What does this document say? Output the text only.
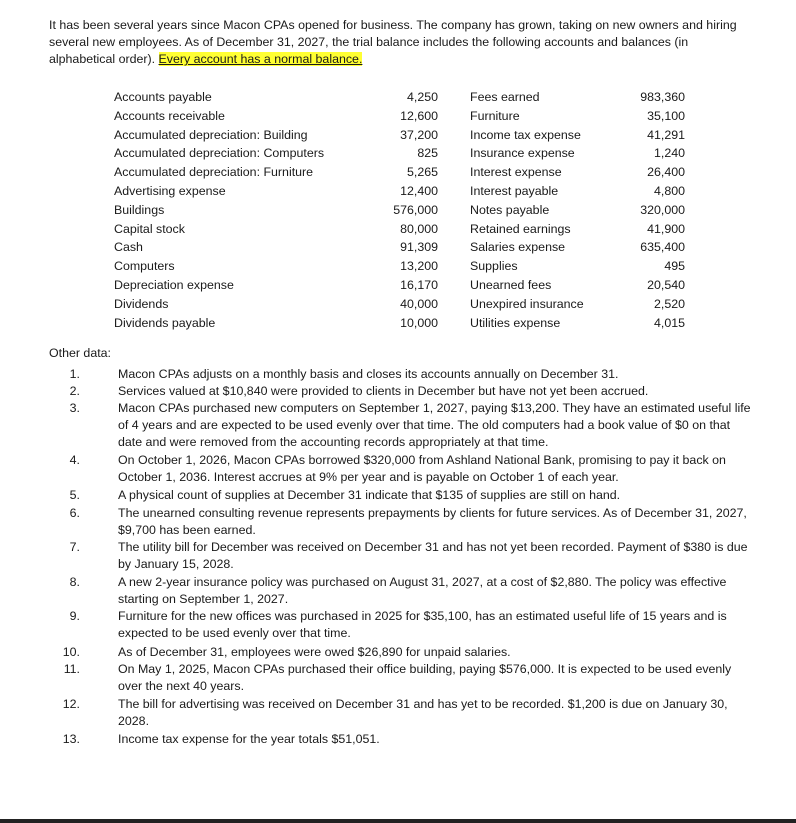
It has been several years since Macon CPAs opened for business. The company has grown, taking on new owners and hiring several new employees. As of December 31, 2027, the trial balance includes the following accounts and balances (in alphabetical order). Every account has a normal balance.
Accounts payable	4,250	Fees earned	983,360
Accounts receivable	12,600	Furniture	35,100
Accumulated depreciation: Building	37,200	Income tax expense	41,291
Accumulated depreciation: Computers	825	Insurance expense	1,240
Accumulated depreciation: Furniture	5,265	Interest expense	26,400
Advertising expense	12,400	Interest payable	4,800
Buildings	576,000	Notes payable	320,000
Capital stock	80,000	Retained earnings	41,900
Cash	91,309	Salaries expense	635,400
Computers	13,200	Supplies	495
Depreciation expense	16,170	Unearned fees	20,540
Dividends	40,000	Unexpired insurance	2,520
Dividends payable	10,000	Utilities expense	4,015
Other data:
1.	Macon CPAs adjusts on a monthly basis and closes its accounts annually on December 31.
2.	Services valued at $10,840 were provided to clients in December but have not yet been accrued.
3.	Macon CPAs purchased new computers on September 1, 2027, paying $13,200. They have an estimated useful life of 4 years and are expected to be used evenly over that time. The old computers had a book value of $0 on that date and were removed from the accounting records appropriately at that time.
4.	On October 1, 2026, Macon CPAs borrowed $320,000 from Ashland National Bank, promising to pay it back on October 1, 2036. Interest accrues at 9% per year and is payable on October 1 of each year.
5.	A physical count of supplies at December 31 indicate that $135 of supplies are still on hand.
6.	The unearned consulting revenue represents prepayments by clients for future services. As of December 31, 2027, $9,700 has been earned.
7.	The utility bill for December was received on December 31 and has not yet been recorded. Payment of $380 is due by January 15, 2028.
8.	A new 2-year insurance policy was purchased on August 31, 2027, at a cost of $2,880. The policy was effective starting on September 1, 2027.
9.	Furniture for the new offices was purchased in 2025 for $35,100, has an estimated useful life of 15 years and is expected to be used evenly over that time.
10.	As of December 31, employees were owed $26,890 for unpaid salaries.
11.	On May 1, 2025, Macon CPAs purchased their office building, paying $576,000. It is expected to be used evenly over the next 40 years.
12.	The bill for advertising was received on December 31 and has yet to be recorded. $1,200 is due on January 30, 2028.
13.	Income tax expense for the year totals $51,051.
